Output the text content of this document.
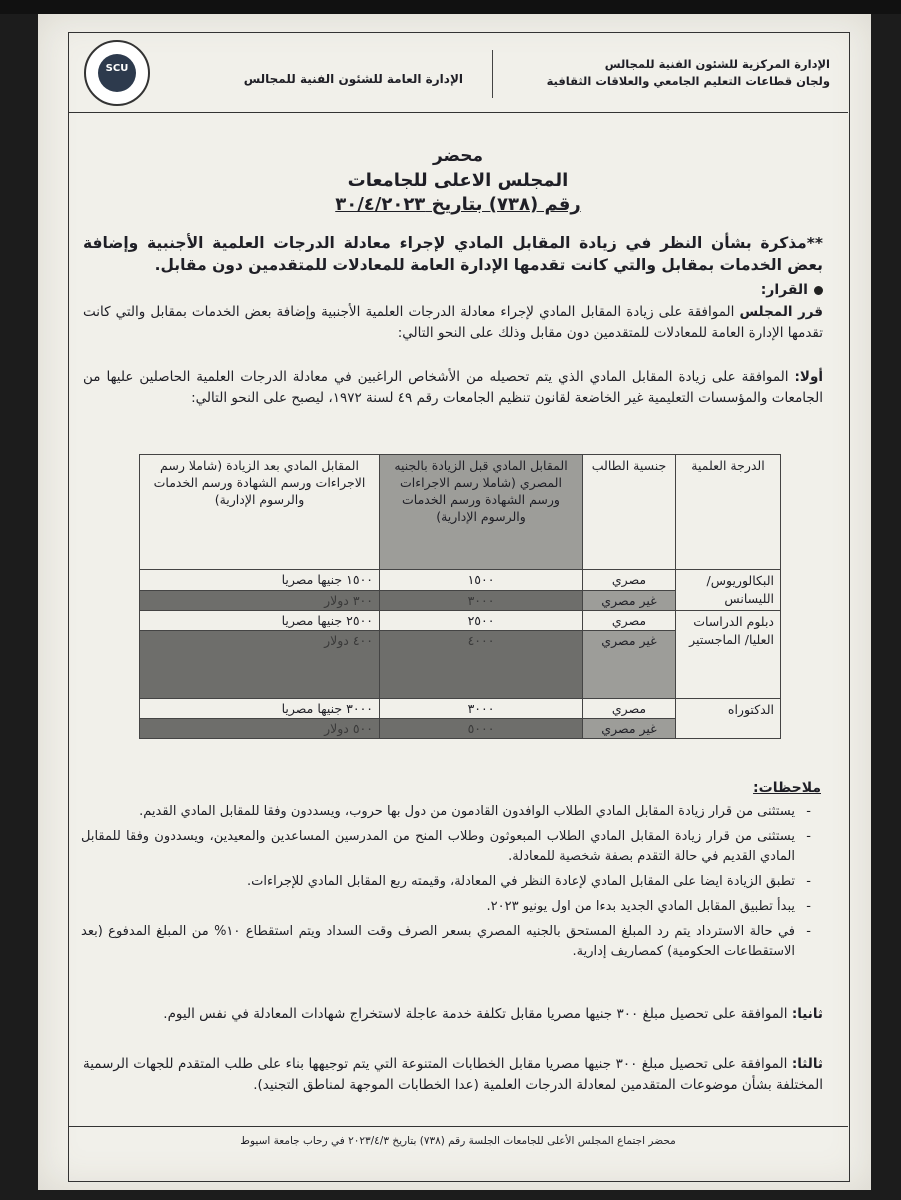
الإدارة المركزية للشئون الفنية للمجالس
ولجان قطاعات التعليم الجامعي والعلاقات الثقافية
الإدارة العامة للشئون الفنية للمجالس
SCU
محضر
المجلس الاعلى للجامعات
رقم (٧٣٨) بتاريخ ٣٠/٤/٢٠٢٣
**مذكرة بشأن النظر في زيادة المقابل المادي لإجراء معادلة الدرجات العلمية الأجنبية وإضافة بعض الخدمات بمقابل والتي كانت تقدمها الإدارة العامة للمعادلات للمتقدمين دون مقابل.
القرار:
قرر المجلس الموافقة على زيادة المقابل المادي لإجراء معادلة الدرجات العلمية الأجنبية وإضافة بعض الخدمات بمقابل والتي كانت تقدمها الإدارة العامة للمعادلات للمتقدمين دون مقابل وذلك على النحو التالي:
أولا: الموافقة على زيادة المقابل المادي الذي يتم تحصيله من الأشخاص الراغبين في معادلة الدرجات العلمية الحاصلين عليها من الجامعات والمؤسسات التعليمية غير الخاضعة لقانون تنظيم الجامعات رقم ٤٩ لسنة ١٩٧٢، ليصبح على النحو التالي:
الدرجة العلمية	جنسية الطالب	المقابل المادي قبل الزيادة بالجنيه المصري (شاملا رسم الاجراءات ورسم الشهادة ورسم الخدمات والرسوم الإدارية)	المقابل المادي بعد الزيادة (شاملا رسم الاجراءات ورسم الشهادة ورسم الخدمات والرسوم الإدارية)
البكالوريوس/ الليسانس	مصري	١٥٠٠	١٥٠٠ جنيها مصريا
	غير مصري	٣٠٠٠	٣٠٠ دولار
دبلوم الدراسات العليا/ الماجستير	مصري	٢٥٠٠	٢٥٠٠ جنيها مصريا
	غير مصري	٤٠٠٠	٤٠٠ دولار
الدكتوراه	مصري	٣٠٠٠	٣٠٠٠ جنيها مصريا
	غير مصري	٥٠٠٠	٥٠٠ دولار
ملاحظات:
- يستثنى من قرار زيادة المقابل المادي الطلاب الوافدون القادمون من دول بها حروب، ويسددون وفقا للمقابل المادي القديم.
- يستثنى من قرار زيادة المقابل المادي الطلاب المبعوثون وطلاب المنح من المدرسين المساعدين والمعيدين، ويسددون وفقا للمقابل المادي القديم في حالة التقدم بصفة شخصية للمعادلة.
- تطبق الزيادة ايضا على المقابل المادي لإعادة النظر في المعادلة، وقيمته ربع المقابل المادي للإجراءات.
- يبدأ تطبيق المقابل المادي الجديد بدءا من اول يونيو ٢٠٢٣.
- في حالة الاسترداد يتم رد المبلغ المستحق بالجنيه المصري بسعر الصرف وقت السداد ويتم استقطاع ١٠% من المبلغ المدفوع (بعد الاستقطاعات الحكومية) كمصاريف إدارية.
ثانيا: الموافقة على تحصيل مبلغ ٣٠٠ جنيها مصريا مقابل تكلفة خدمة عاجلة لاستخراج شهادات المعادلة في نفس اليوم.
ثالثا: الموافقة على تحصيل مبلغ ٣٠٠ جنيها مصريا مقابل الخطابات المتنوعة التي يتم توجيهها بناء على طلب المتقدم للجهات الرسمية المختلفة بشأن موضوعات المتقدمين لمعادلة الدرجات العلمية (عدا الخطابات الموجهة لمناطق التجنيد).
محضر اجتماع المجلس الأعلى للجامعات الجلسة رقم (٧٣٨) بتاريخ ٢٠٢٣/٤/٣ في رحاب جامعة اسيوط
